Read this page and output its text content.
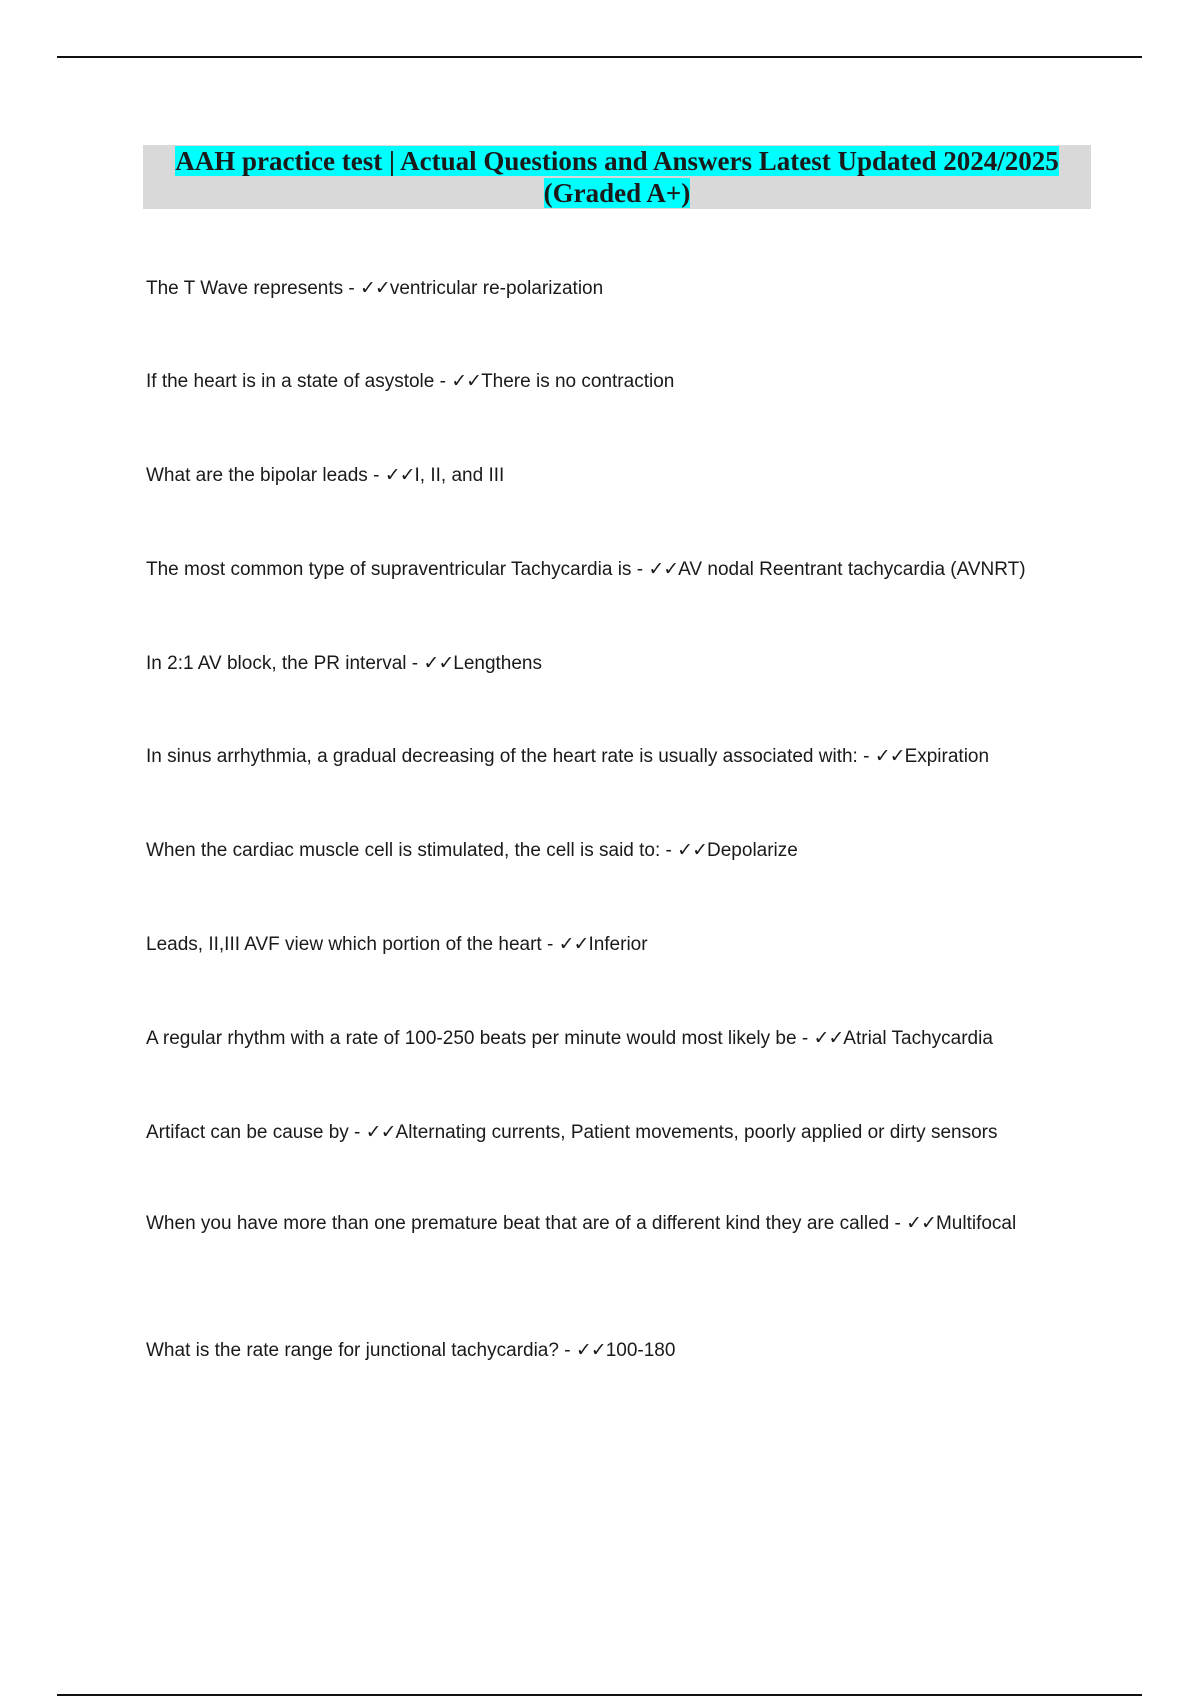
AAH practice test | Actual Questions and Answers Latest Updated 2024/2025
(Graded A+)

The T Wave represents - ✓✓ventricular re-polarization

If the heart is in a state of asystole - ✓✓There is no contraction

What are the bipolar leads - ✓✓I, II, and III

The most common type of supraventricular Tachycardia is - ✓✓AV nodal Reentrant tachycardia (AVNRT)

In 2:1 AV block, the PR interval - ✓✓Lengthens

In sinus arrhythmia, a gradual decreasing of the heart rate is usually associated with: - ✓✓Expiration

When the cardiac muscle cell is stimulated, the cell is said to: - ✓✓Depolarize

Leads, II,III AVF view which portion of the heart - ✓✓Inferior

A regular rhythm with a rate of 100-250 beats per minute would most likely be - ✓✓Atrial Tachycardia

Artifact can be cause by - ✓✓Alternating currents, Patient movements, poorly applied or dirty sensors

When you have more than one premature beat that are of a different kind they are called - ✓✓Multifocal

What is the rate range for junctional tachycardia? - ✓✓100-180
